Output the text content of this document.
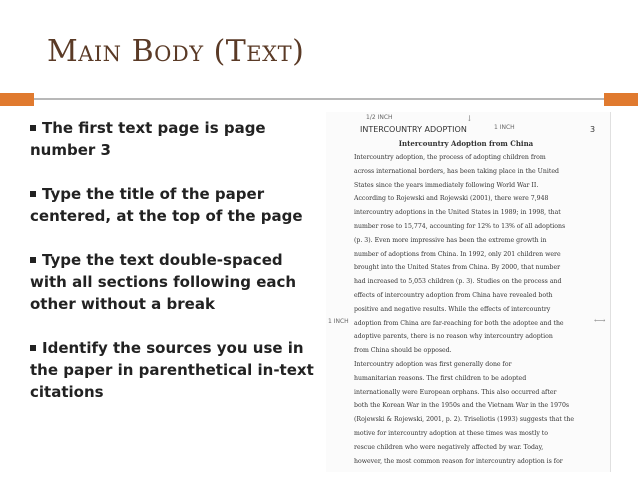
Main Body (Text)
The first text page is page number 3
Type the title of the paper centered, at the top of the page
Type the text double-spaced with all sections following each other without a break
Identify the sources you use in the paper in parenthetical in-text citations
1/2 INCH
1 INCH
1 INCH
↓
⟷
INTERCOUNTRY ADOPTION	3
Intercountry Adoption from China
Intercountry adoption, the process of adopting children from
across international borders, has been taking place in the United
States since the years immediately following World War II.
According to Rojewski and Rojewski (2001), there were 7,948
intercountry adoptions in the United States in 1989; in 1998, that
number rose to 15,774, accounting for 12% to 13% of all adoptions
(p. 3). Even more impressive has been the extreme growth in
number of adoptions from China. In 1992, only 201 children were
brought into the United States from China. By 2000, that number
had increased to 5,053 children (p. 3). Studies on the process and
effects of intercountry adoption from China have revealed both
positive and negative results. While the effects of intercountry
adoption from China are far-reaching for both the adoptee and the
adoptive parents, there is no reason why intercountry adoption
from China should be opposed.
Intercountry adoption was first generally done for
humanitarian reasons. The first children to be adopted
internationally were European orphans. This also occurred after
both the Korean War in the 1950s and the Vietnam War in the 1970s
(Rojewski & Rojewski, 2001, p. 2). Triseliotis (1993) suggests that the
motive for intercountry adoption at these times was mostly to
rescue children who were negatively affected by war. Today,
however, the most common reason for intercountry adoption is for
